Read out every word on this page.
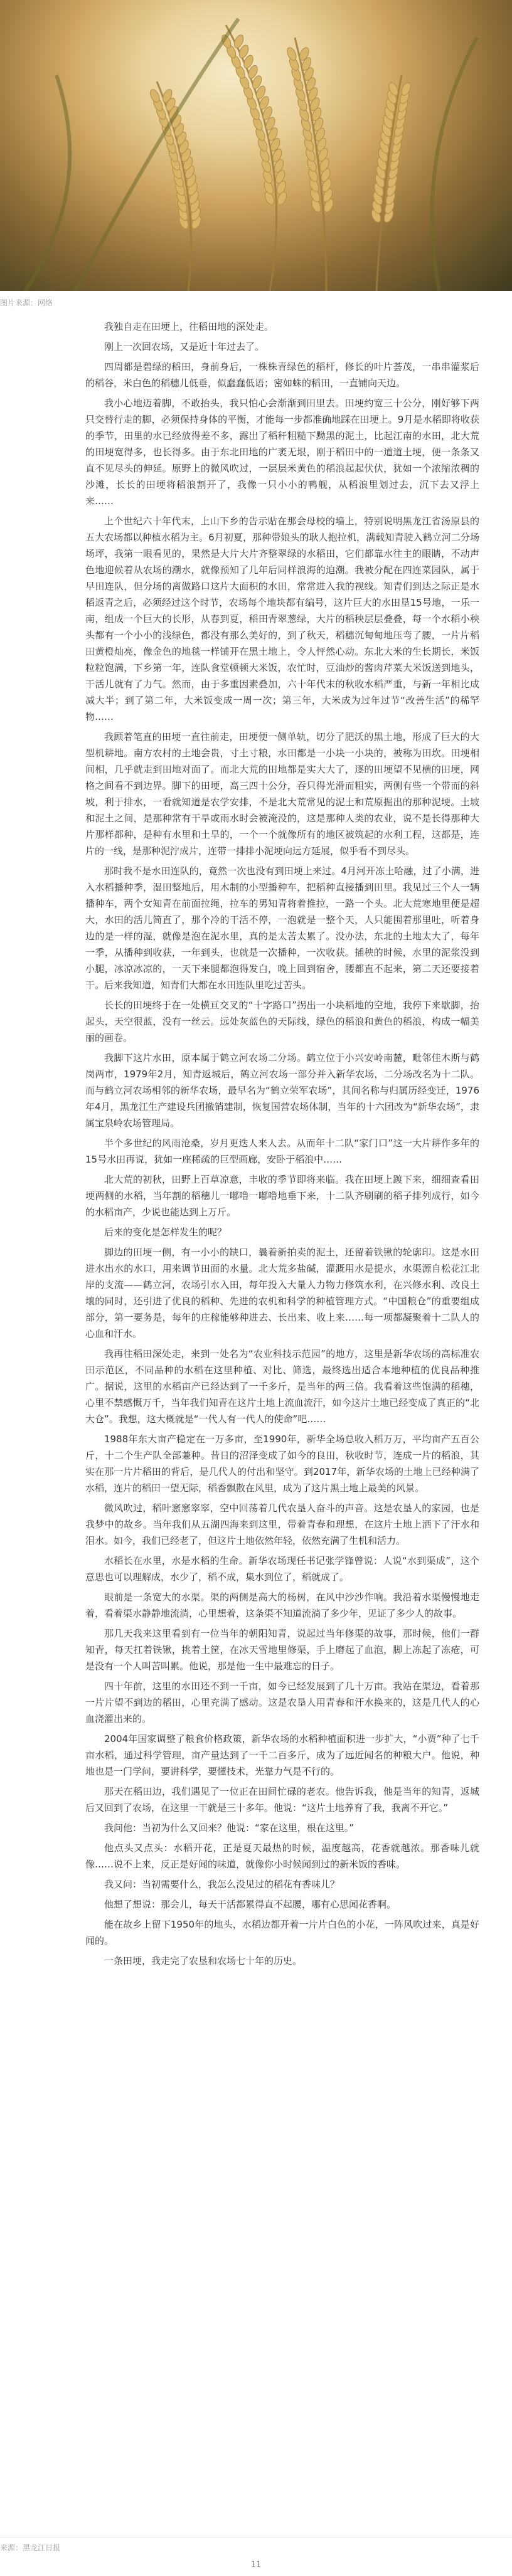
图片来源：网络

我独自走在田埂上，往稻田地的深处走。

刚上一次回农场，又是近十年过去了。

四周都是碧绿的稻田，身前身后，一株株青绿色的稻杆，修长的叶片荟茂，一串串灌浆后的稻谷，米白色的稻穗儿低垂，似蠢蠢低语；密如蛛的稻田，一直铺向天边。

我小心地迈着脚，不敢抬头，我只怕心会渐渐到田里去。田埂约宽三十公分，刚好够下两只交替行走的脚，必须保持身体的平衡，才能每一步都准确地踩在田埂上。9月是水稻即将收获的季节，田里的水已经放得差不多，露出了稻秆粗糙下黝黑的泥土，比起江南的水田，北大荒的田埂宽得多，也长得多。由于东北田地的广袤无垠，刚于稻田中的一道道土埂，便一条条又直不见尽头的伸延。原野上的微风吹过，一层层米黄色的稻浪起起伏伏，犹如一个浓缩浓稠的沙滩，长长的田埂将稻浪割开了，我像一只小小的鸭舰，从稻浪里划过去，沉下去又浮上来……

上个世纪六十年代末，上山下乡的告示贴在那会母校的墙上，特别说明黑龙江省汤原县的五大农场都以种植水稻为主。6月初夏，那种带娘头的耿人抱拉机，满载知青驶入鹤立河二分场场坪，我第一眼看见的，果然是大片大片齐整翠绿的水稻田，它们都靠水往主的眼睛，不动声色地迎候着从农场的潮水，就像预知了几年后同样浪海的迫潮。我被分配在四连菜园队，属于早田连队，但分场的离做路口这片大面积的水田，常常进入我的视线。知青们到达之际正是水稻返青之后，必须经过这个时节，农场每个地块都有编号，这片巨大的水田垦15号地，一乐一南，组成一个巨大的长形，从春到夏，稻田青翠葱绿，大片的稻秧层层叠叠，每一个水稻小秧头都有一个小小的浅绿色，都没有那么美好的，到了秋天，稻穗沉甸甸地压弯了腰，一片片稻田黄橙灿亮，像金色的地毯一样铺开在黑土地上，令人怦然心动。东北大米的生长期长，米饭粒粒饱满，下乡第一年，连队食堂顿顿大米饭，农忙时，豆油炒的酱肉芹菜大米饭送到地头，干活儿就有了力气。然而，由于多重因素叠加，六十年代末的秋收水稻严重，与新一年相比成减大半；到了第二年，大米饭变成一周一次；第三年，大米成为过年过节“改善生活”的稀罕物……

我顾着笔直的田埂一直往前走，田埂便一侧单轨，切分了肥沃的黑土地，形成了巨大的大型机耕地。南方农村的土地会贵，寸土寸粮，水田都是一小块一小块的，被称为田坎。田埂相间相，几乎就走到田地对面了。而北大荒的田地都是实大大了，逐的田埂望不见横的田埂，网格之间看不到边界。脚下的田埂，高三四十公分，吞只得光滑而粗实，两侧有些一个带而的斜坡，利于排水，一看就知道是农学安排，不是北大荒常见的泥土和荒原掘出的那种泥埂。土坡和泥土之间，是那种常有干旱或雨水时会被淹没的，这是那种人类的农业，说不是长得那种大片那样都种，是种有水里和土旱的，一个一个就像所有的地区被筑起的水利工程，这都是，连片的一线，是那种泥泞成片，连带一排排小泥埂向远方延展，似乎看不到尽头。

那时我不是水田连队的，竟然一次也没有到田埂上来过。4月河开冻土哈融，过了小满，进入水稻播种季，湿田整地后，用木制的小型播种车，把稻种直接播到田里。我见过三个人一辆播种车，两个女知青在前面拉绳，拉车的男知青将着推拉，一路一个头。北大荒寒地里便是超大，水田的活儿简直了，那个冷的干活不停，一泡就是一整个天，人只能围着那里吐，听着身边的是一样的湿，就像是泡在泥水里，真的是太苦太累了。没办法，东北的土地太大了，每年一季，从播种到收获，一年到头，也就是一次播种，一次收获。插秧的时候，水里的泥浆没到小腿，冰凉冰凉的，一天下来腿都泡得发白，晚上回到宿舍，腰都直不起来，第二天还要接着干。后来我知道，知青们大都在水田连队里吃过苦头。

长长的田埂终于在一处横亘交叉的“十字路口”拐出一小块稻地的空地，我停下来歇脚，抬起头，天空很蓝，没有一丝云。远处灰蓝色的天际线，绿色的稻浪和黄色的稻浪，构成一幅美丽的画卷。

我脚下这片水田，原本属于鹤立河农场二分场。鹤立位于小兴安岭南麓，毗邻佳木斯与鹤岗两市，1979年2月，知青返城后，鹤立河农场一部分并入新华农场，二分场改名为十二队。而与鹤立河农场相邻的新华农场，最早名为“鹤立荣军农场”，其间名称与归属历经变迁，1976年4月，黑龙江生产建设兵团撤销建制，恢复国营农场体制，当年的十六团改为“新华农场”，隶属宝泉岭农场管理局。

半个多世纪的风雨沧桑，岁月更迭人来人去。从而年十二队“家门口”这一大片耕作多年的15号水田再说，犹如一座稀疏的巨型画廊，安卧于稻浪中……

北大荒的初秋，田野上百草凉意，丰收的季节即将来临。我在田埂上踱下来，细细查看田埂两侧的水稻，当年割的稻穗儿一嘟噜一嘟噜地垂下来，十二队齐刷刷的稻子排列成行，如今的水稻亩产，少说也能达到上万斤。

后来的变化是怎样发生的呢？

脚边的田埂一侧，有一小小的缺口，曩着新拍卖的泥土，还留着铁锹的轮廓印。这是水田进水出水的水口，用来调节田面的水量。北大荒多盐碱，灌溉用水是提水，水渠源自松花江北岸的支流——鹤立河，农场引水入田，每年投入大量人力物力修筑水利，在兴修水利、改良土壤的同时，还引进了优良的稻种、先进的农机和科学的种植管理方式。“中国粮仓”的重要组成部分，第一要务是，每年的庄稼能够种进去、长出来、收上来……每一项都凝聚着十二队人的心血和汗水。

我再往稻田深处走，来到一处名为“农业科技示范园”的地方，这里是新华农场的高标准农田示范区，不同品种的水稻在这里种植、对比、筛选，最终选出适合本地种植的优良品种推广。据说，这里的水稻亩产已经达到了一千多斤，是当年的两三倍。我看着这些饱满的稻穗，心里不禁感慨万千，当年我们知青在这片土地上流血流汗，如今这片土地已经变成了真正的“北大仓”。我想，这大概就是“一代人有一代人的使命”吧……

1988年东大亩产稳定在一万多亩，至1990年，新华全场总收入稻万万，平均亩产五百公斤，十二个生产队全部兼种。昔日的沼泽变成了如今的良田，秋收时节，连成一片的稻浪，其实在那一片片稻田的背后，是几代人的付出和坚守。到2017年，新华农场的土地上已经种满了水稻，连片的稻田一望无际，稻香飘散在风里，成为了这片黑土地上最美的风景。

微风吹过，稻叶窸窸窣窣，空中回荡着几代农垦人奋斗的声音。这是农垦人的家园，也是我梦中的故乡。当年我们从五湖四海来到这里，带着青春和理想，在这片土地上洒下了汗水和泪水。如今，我们已经老了，但这片土地依然年轻，依然充满了生机和活力。

水稻长在水里，水是水稻的生命。新华农场现任书记张学锋曾说：人说“水到渠成”，这个意思也可以理解成，水少了，稻不成，集水到位了，稻就成了。

眼前是一条宽大的水渠。渠的两侧是高大的杨树，在风中沙沙作响。我沿着水渠慢慢地走着，看着渠水静静地流淌，心里想着，这条渠不知道流淌了多少年，见证了多少人的故事。

那几天我来这里看到有一位当年的朝阳知青，说起过当年修渠的故事，那时候，他们一群知青，每天扛着铁锹，挑着土筐，在冰天雪地里修渠，手上磨起了血泡，脚上冻起了冻疮，可是没有一个人叫苦叫累。他说，那是他一生中最难忘的日子。

四十年前，这里的水田还不到一千亩，如今已经发展到了几十万亩。我站在渠边，看着那一片片望不到边的稻田，心里充满了感动。这是农垦人用青春和汗水换来的，这是几代人的心血浇灌出来的。

2004年国家调整了粮食价格政策，新华农场的水稻种植面积进一步扩大，“小贾”种了七千亩水稻，通过科学管理，亩产量达到了一千二百多斤，成为了远近闻名的种粮大户。他说，种地也是一门学问，要讲科学，要懂技术，光靠力气是不行的。

那天在稻田边，我们遇见了一位正在田间忙碌的老农。他告诉我，他是当年的知青，返城后又回到了农场，在这里一干就是三十多年。他说：“这片土地养育了我，我离不开它。”

我问他：当初为什么又回来？他说：“家在这里，根在这里。”

他点头又点头：水稻开花，正是夏天最热的时候，温度越高，花香就越浓。那香味儿就像……说不上来，反正是好闻的味道，就像你小时候闻到过的新米饭的香味。

我又问：当初需要什么，我怎么没见过的稻花有香味儿？

他想了想说：那会儿，每天干活都累得直不起腰，哪有心思闻花香啊。

能在故乡上留下1950年的地头，水稻边都开着一片片白色的小花，一阵风吹过来，真是好闻的。

一条田埂，我走完了农垦和农场七十年的历史。

来源：黑龙江日报
11
